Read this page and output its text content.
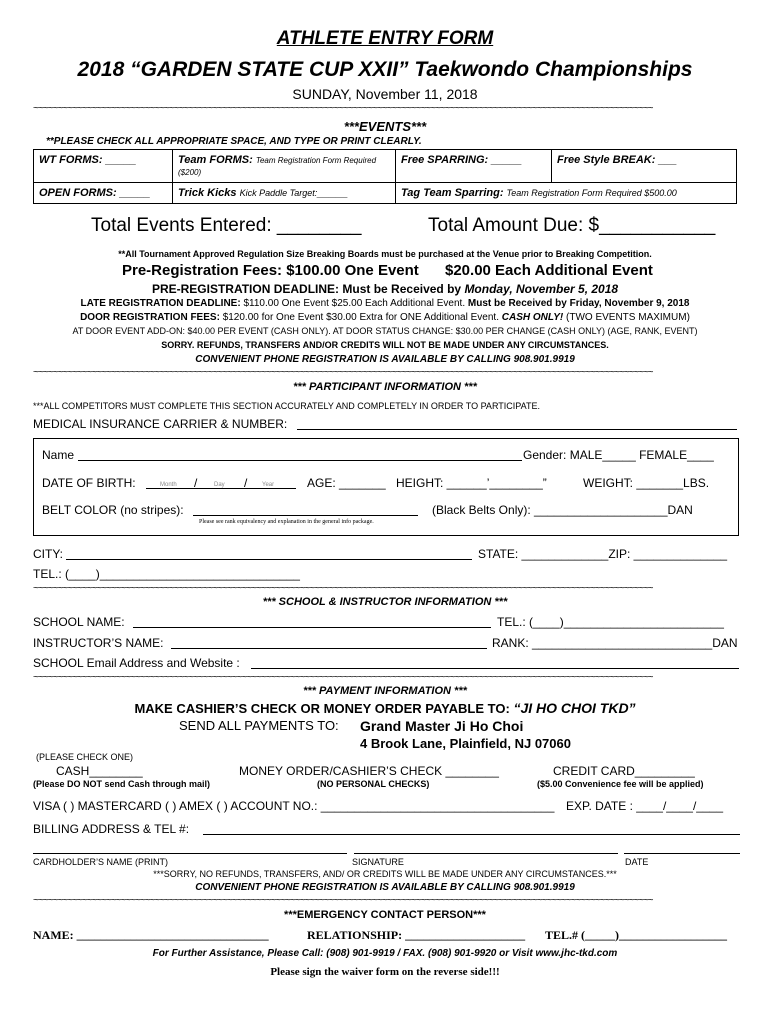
ATHLETE ENTRY FORM
2018 “GARDEN STATE CUP XXII” Taekwondo Championships
SUNDAY, November 11, 2018
~~~~~~~~~~~~~~~~~~~~~~~~~~~~~~~~~~~~~~~~~~~~~~~~~~~~~~~~~~~~~~~~~~~~~~~~~~~~~~~~~~~~~~~~~~~~~~~~~~~~~~~~~~~~~~~~~~~~~~~~~~~~~~~~
***EVENTS***
**PLEASE CHECK ALL APPROPRIATE SPACE, AND TYPE OR PRINT CLEARLY.
WT FORMS: _____	Team FORMS: Team Registration Form Required ($200)	Free SPARRING: _____	Free Style BREAK: ___
OPEN FORMS: _____	Trick Kicks Kick Paddle Target:_____	Tag Team Sparring: Team Registration Form Required $500.00	
Total Events Entered: ________	Total Amount Due: $___________
**All Tournament Approved Regulation Size Breaking Boards must be purchased at the Venue prior to Breaking Competition.
Pre-Registration Fees: $100.00 One Event $20.00 Each Additional Event
PRE-REGISTRATION DEADLINE: Must be Received by Monday, November 5, 2018
LATE REGISTRATION DEADLINE: $110.00 One Event $25.00 Each Additional Event. Must be Received by Friday, November 9, 2018
DOOR REGISTRATION FEES: $120.00 for One Event $30.00 Extra for ONE Additional Event. CASH ONLY! (TWO EVENTS MAXIMUM)
AT DOOR EVENT ADD-ON: $40.00 PER EVENT (CASH ONLY). AT DOOR STATUS CHANGE: $30.00 PER CHANGE (CASH ONLY) (AGE, RANK, EVENT)
SORRY. REFUNDS, TRANSFERS AND/OR CREDITS WILL NOT BE MADE UNDER ANY CIRCUMSTANCES.
CONVENIENT PHONE REGISTRATION IS AVAILABLE BY CALLING 908.901.9919
~~~~~~~~~~~~~~~~~~~~~~~~~~~~~~~~~~~~~~~~~~~~~~~~~~~~~~~~~~~~~~~~~~~~~~~~~~~~~~~~~~~~~~~~~~~~~~~~~~~~~~~~~~~~~~~~~~~~~~~~~~~~~~~~
*** PARTICIPANT INFORMATION ***
***ALL COMPETITORS MUST COMPLETE THIS SECTION ACCURATELY AND COMPLETELY IN ORDER TO PARTICIPATE.
MEDICAL INSURANCE CARRIER & NUMBER:
Name	Gender: MALE_____ FEMALE____
DATE OF BIRTH:	/	/
Month	Day	Year	AGE: _______ HEIGHT: ______’________”	WEIGHT: _______LBS.
BELT COLOR (no stripes):	(Black Belts Only): ____________________DAN
Please see rank equivalency and explanation in the general info package.
CITY:	STATE: _____________ZIP: ______________
TEL.: (____)______________________________
~~~~~~~~~~~~~~~~~~~~~~~~~~~~~~~~~~~~~~~~~~~~~~~~~~~~~~~~~~~~~~~~~~~~~~~~~~~~~~~~~~~~~~~~~~~~~~~~~~~~~~~~~~~~~~~~~~~~~~~~~~~~~~~~
*** SCHOOL & INSTRUCTOR INFORMATION ***
SCHOOL NAME:	TEL.: (____)________________________
INSTRUCTOR’S NAME:	RANK: ___________________________DAN
SCHOOL Email Address and Website :
~~~~~~~~~~~~~~~~~~~~~~~~~~~~~~~~~~~~~~~~~~~~~~~~~~~~~~~~~~~~~~~~~~~~~~~~~~~~~~~~~~~~~~~~~~~~~~~~~~~~~~~~~~~~~~~~~~~~~~~~~~~~~~~~
*** PAYMENT INFORMATION ***
MAKE CASHIER’S CHECK OR MONEY ORDER PAYABLE TO: “JI HO CHOI TKD”
SEND ALL PAYMENTS TO: Grand Master Ji Ho Choi
4 Brook Lane, Plainfield, NJ 07060
(PLEASE CHECK ONE)
CASH________	MONEY ORDER/CASHIER’S CHECK ________	CREDIT CARD_________
(Please DO NOT send Cash through mail)	(NO PERSONAL CHECKS)	($5.00 Convenience fee will be applied)
VISA ( ) MASTERCARD ( ) AMEX ( ) ACCOUNT NO.: ___________________________________ EXP. DATE : ____/____/____
BILLING ADDRESS & TEL #:
CARDHOLDER’S NAME (PRINT)	SIGNATURE	DATE
***SORRY, NO REFUNDS, TRANSFERS, AND/ OR CREDITS WILL BE MADE UNDER ANY CIRCUMSTANCES.***
CONVENIENT PHONE REGISTRATION IS AVAILABLE BY CALLING 908.901.9919
~~~~~~~~~~~~~~~~~~~~~~~~~~~~~~~~~~~~~~~~~~~~~~~~~~~~~~~~~~~~~~~~~~~~~~~~~~~~~~~~~~~~~~~~~~~~~~~~~~~~~~~~~~~~~~~~~~~~~~~~~~~~~~~~
***EMERGENCY CONTACT PERSON***
NAME: ________________________________	RELATIONSHIP: ____________________ TEL.# (_____)__________________
For Further Assistance, Please Call: (908) 901-9919 / FAX. (908) 901-9920 or Visit www.jhc-tkd.com
Please sign the waiver form on the reverse side!!!
